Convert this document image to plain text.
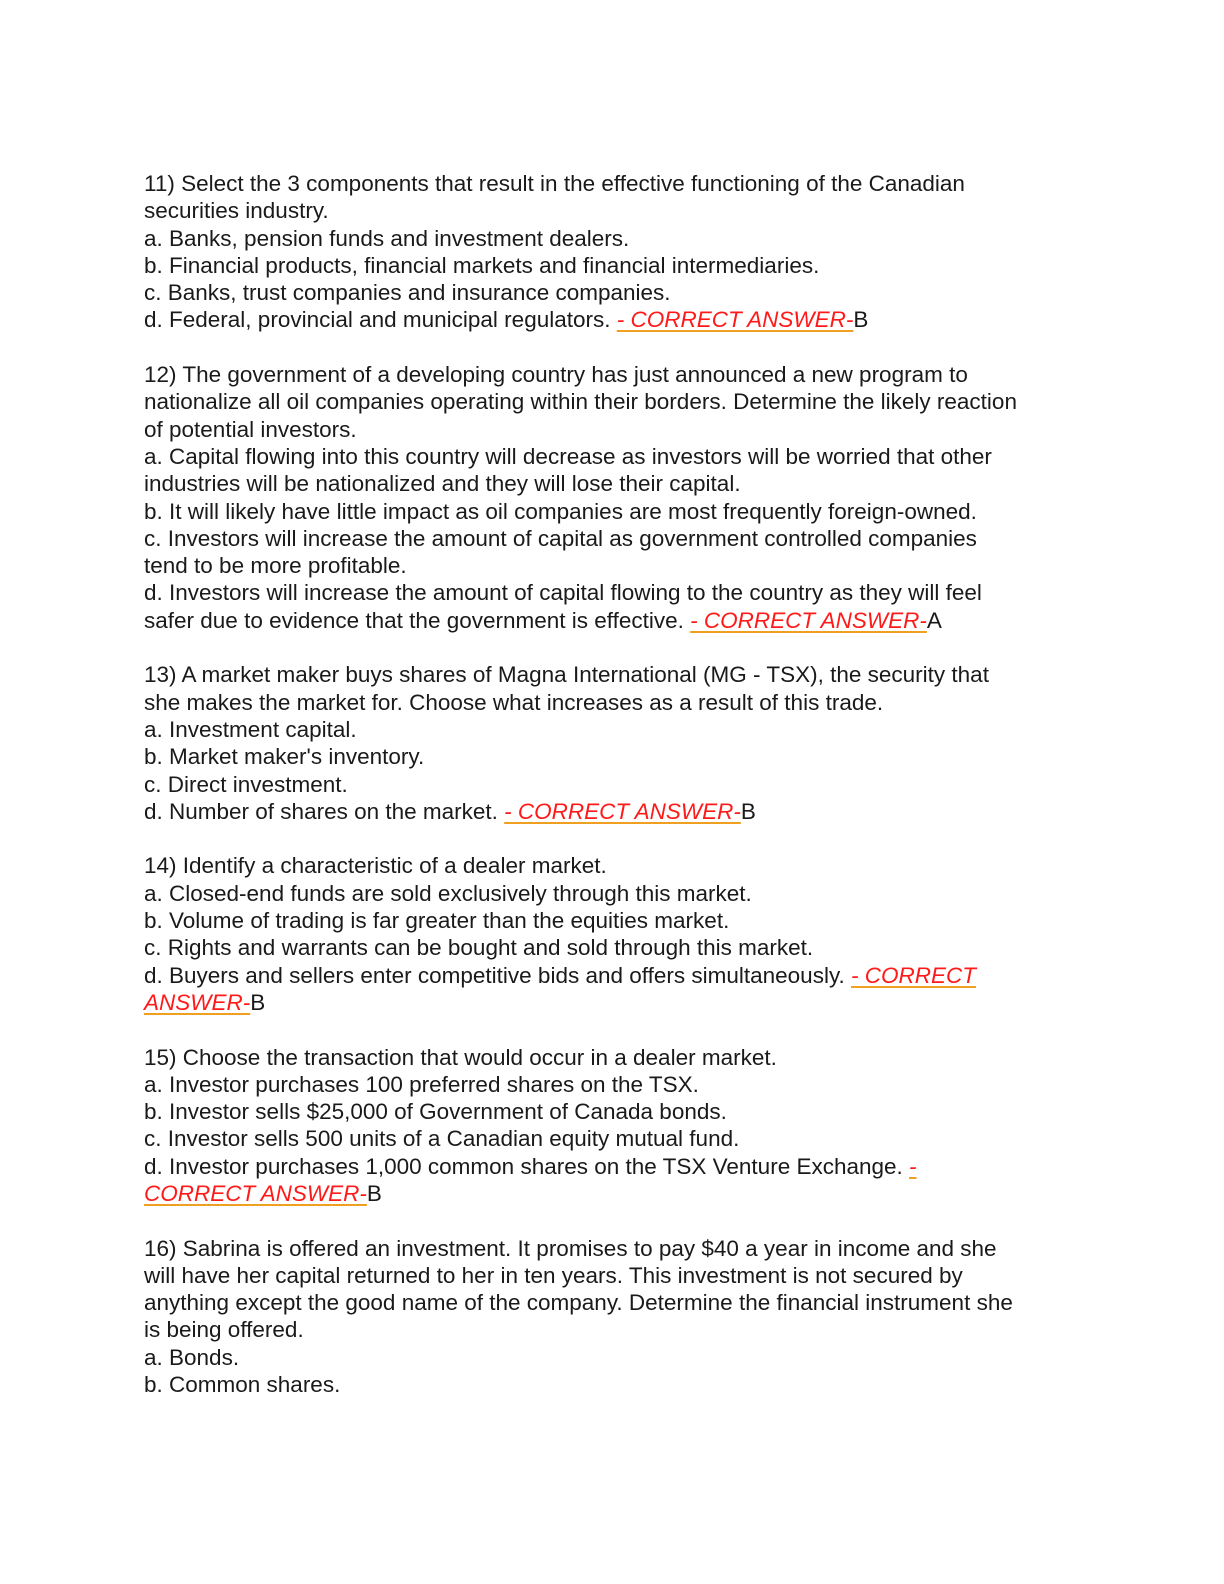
11) Select the 3 components that result in the effective functioning of the Canadian
securities industry.
a. Banks, pension funds and investment dealers.
b. Financial products, financial markets and financial intermediaries.
c. Banks, trust companies and insurance companies.
d. Federal, provincial and municipal regulators. - CORRECT ANSWER-B
12) The government of a developing country has just announced a new program to
nationalize all oil companies operating within their borders. Determine the likely reaction
of potential investors.
a. Capital flowing into this country will decrease as investors will be worried that other
industries will be nationalized and they will lose their capital.
b. It will likely have little impact as oil companies are most frequently foreign-owned.
c. Investors will increase the amount of capital as government controlled companies
tend to be more profitable.
d. Investors will increase the amount of capital flowing to the country as they will feel
safer due to evidence that the government is effective. - CORRECT ANSWER-A
13) A market maker buys shares of Magna International (MG - TSX), the security that
she makes the market for. Choose what increases as a result of this trade.
a. Investment capital.
b. Market maker's inventory.
c. Direct investment.
d. Number of shares on the market. - CORRECT ANSWER-B
14) Identify a characteristic of a dealer market.
a. Closed-end funds are sold exclusively through this market.
b. Volume of trading is far greater than the equities market.
c. Rights and warrants can be bought and sold through this market.
d. Buyers and sellers enter competitive bids and offers simultaneously. - CORRECT
ANSWER-B
15) Choose the transaction that would occur in a dealer market.
a. Investor purchases 100 preferred shares on the TSX.
b. Investor sells $25,000 of Government of Canada bonds.
c. Investor sells 500 units of a Canadian equity mutual fund.
d. Investor purchases 1,000 common shares on the TSX Venture Exchange. -
CORRECT ANSWER-B
16) Sabrina is offered an investment. It promises to pay $40 a year in income and she
will have her capital returned to her in ten years. This investment is not secured by
anything except the good name of the company. Determine the financial instrument she
is being offered.
a. Bonds.
b. Common shares.
